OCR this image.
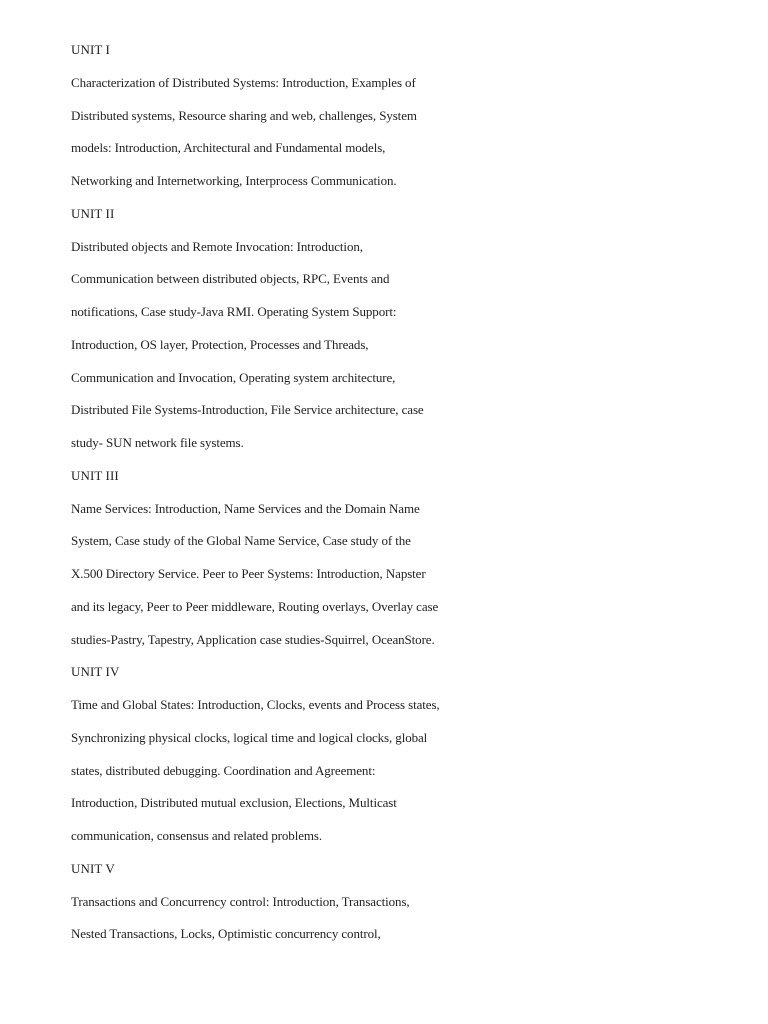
UNIT I
Characterization of Distributed Systems: Introduction, Examples of
Distributed systems, Resource sharing and web, challenges, System
models: Introduction, Architectural and Fundamental models,
Networking and Internetworking, Interprocess Communication.
UNIT II
Distributed objects and Remote Invocation: Introduction,
Communication between distributed objects, RPC, Events and
notifications, Case study-Java RMI. Operating System Support:
Introduction, OS layer, Protection, Processes and Threads,
Communication and Invocation, Operating system architecture,
Distributed File Systems-Introduction, File Service architecture, case
study- SUN network file systems.
UNIT III
Name Services: Introduction, Name Services and the Domain Name
System, Case study of the Global Name Service, Case study of the
X.500 Directory Service. Peer to Peer Systems: Introduction, Napster
and its legacy, Peer to Peer middleware, Routing overlays, Overlay case
studies-Pastry, Tapestry, Application case studies-Squirrel, OceanStore.
UNIT IV
Time and Global States: Introduction, Clocks, events and Process states,
Synchronizing physical clocks, logical time and logical clocks, global
states, distributed debugging. Coordination and Agreement:
Introduction, Distributed mutual exclusion, Elections, Multicast
communication, consensus and related problems.
UNIT V
Transactions and Concurrency control: Introduction, Transactions,
Nested Transactions, Locks, Optimistic concurrency control,
